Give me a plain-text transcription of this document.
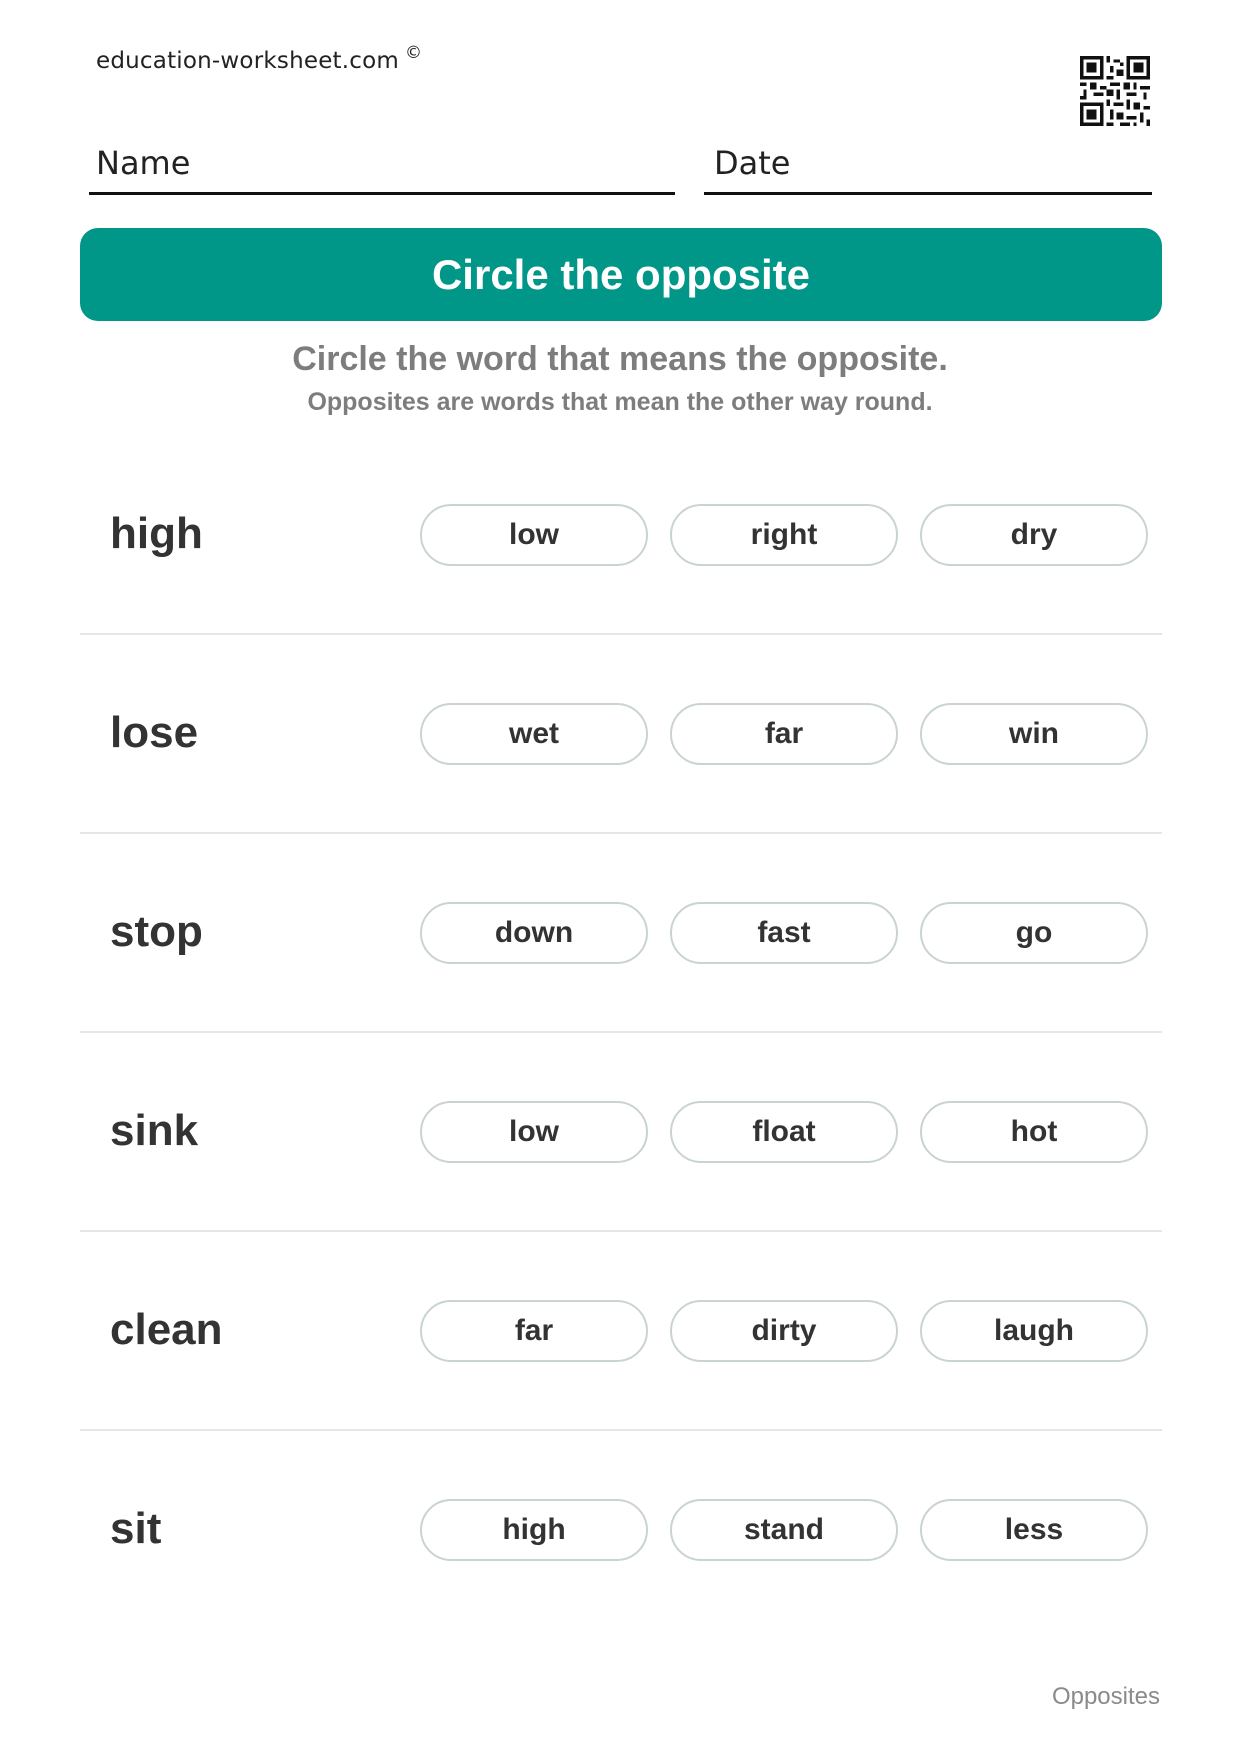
education-worksheet.com ©
Name	Date
Circle the opposite
Circle the word that means the opposite.
Opposites are words that mean the other way round.
high	low	right	dry
lose	wet	far	win
stop	down	fast	go
sink	low	float	hot
clean	far	dirty	laugh
sit	high	stand	less
Opposites
